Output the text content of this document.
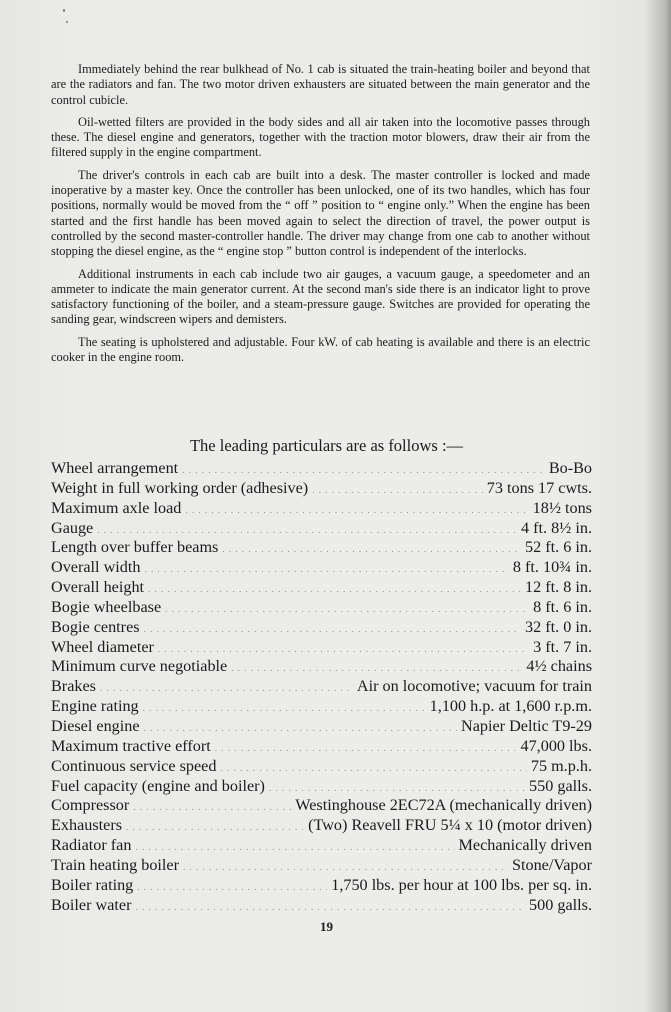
Immediately behind the rear bulkhead of No. 1 cab is situated the train-heating boiler and beyond that are the radiators and fan. The two motor driven exhausters are situated between the main generator and the control cubicle.

Oil-wetted filters are provided in the body sides and all air taken into the locomotive passes through these. The diesel engine and generators, together with the traction motor blowers, draw their air from the filtered supply in the engine compartment.

The driver's controls in each cab are built into a desk. The master controller is locked and made inoperative by a master key. Once the controller has been unlocked, one of its two handles, which has four positions, normally would be moved from the “ off ” position to “ engine only.” When the engine has been started and the first handle has been moved again to select the direction of travel, the power output is controlled by the second master-controller handle. The driver may change from one cab to another without stopping the diesel engine, as the “ engine stop ” button control is independent of the interlocks.

Additional instruments in each cab include two air gauges, a vacuum gauge, a speedometer and an ammeter to indicate the main generator current. At the second man's side there is an indicator light to prove satisfactory functioning of the boiler, and a steam-pressure gauge. Switches are provided for operating the sanding gear, windscreen wipers and demisters.

The seating is upholstered and adjustable. Four kW. of cab heating is available and there is an electric cooker in the engine room.

The leading particulars are as follows :—
Wheel arrangement . . .	Bo-Bo
Weight in full working order (adhesive) . . .	73 tons 17 cwts.
Maximum axle load . . .	18½ tons
Gauge . . .	4 ft. 8½ in.
Length over buffer beams . . .	52 ft. 6 in.
Overall width . . .	8 ft. 10¾ in.
Overall height . . .	12 ft. 8 in.
Bogie wheelbase . . .	8 ft. 6 in.
Bogie centres . . .	32 ft. 0 in.
Wheel diameter . . .	3 ft. 7 in.
Minimum curve negotiable . . .	4½ chains
Brakes . . .	Air on locomotive; vacuum for train
Engine rating . . .	1,100 h.p. at 1,600 r.p.m.
Diesel engine . . .	Napier Deltic T9-29
Maximum tractive effort . . .	47,000 lbs.
Continuous service speed . . .	75 m.p.h.
Fuel capacity (engine and boiler) . . .	550 galls.
Compressor . . .	Westinghouse 2EC72A (mechanically driven)
Exhausters . . .	(Two) Reavell FRU 5¼ x 10 (motor driven)
Radiator fan . . .	Mechanically driven
Train heating boiler . . .	Stone/Vapor
Boiler rating . . .	1,750 lbs. per hour at 100 lbs. per sq. in.
Boiler water . . .	500 galls.
19
